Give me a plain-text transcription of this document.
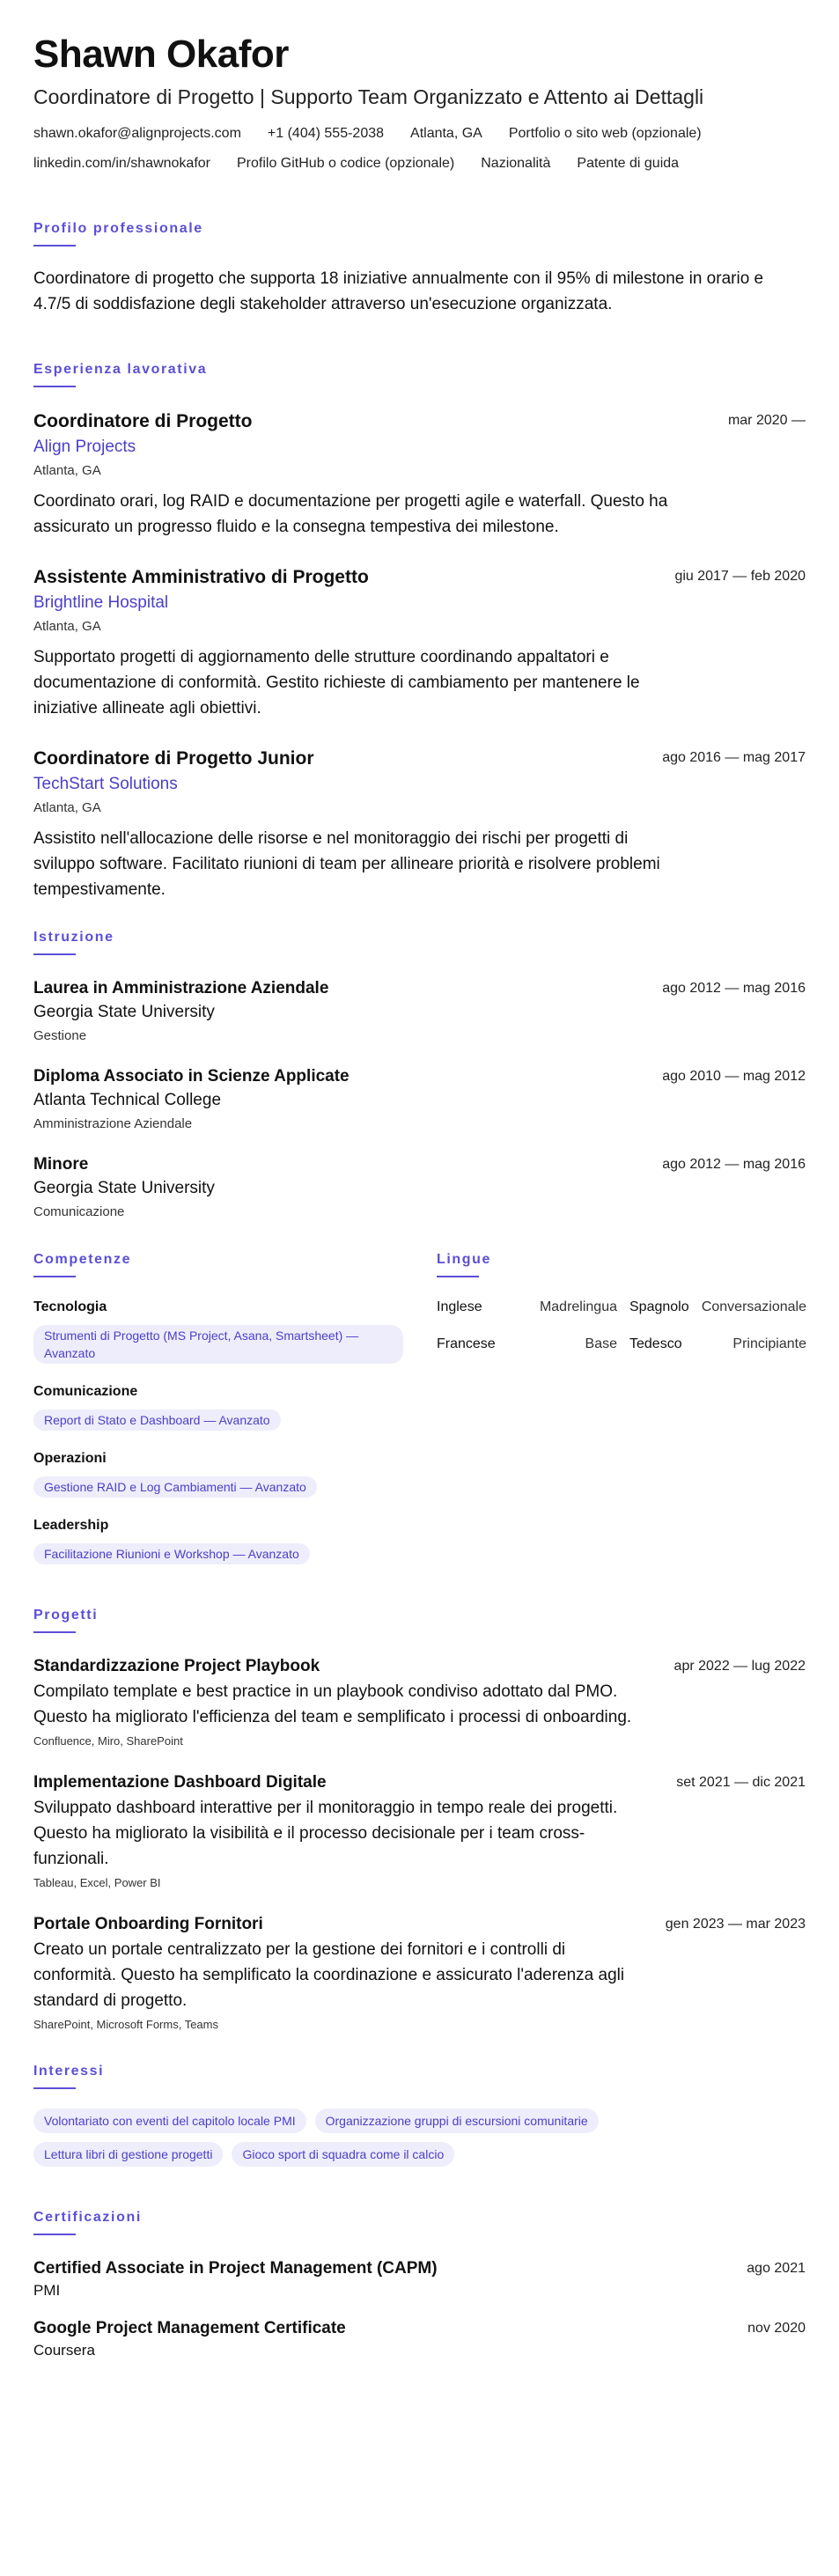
Shawn Okafor
Coordinatore di Progetto | Supporto Team Organizzato e Attento ai Dettagli
shawn.okafor@alignprojects.com +1 (404) 555-2038 Atlanta, GA Portfolio o sito web (opzionale)
linkedin.com/in/shawnokafor Profilo GitHub o codice (opzionale) Nazionalità Patente di guida
Profilo professionale
Coordinatore di progetto che supporta 18 iniziative annualmente con il 95% di milestone in orario e 4.7/5 di soddisfazione degli stakeholder attraverso un'esecuzione organizzata.
Esperienza lavorativa
Coordinatore di Progetto	mar 2020 —
Align Projects
Atlanta, GA
Coordinato orari, log RAID e documentazione per progetti agile e waterfall. Questo ha assicurato un progresso fluido e la consegna tempestiva dei milestone.
Assistente Amministrativo di Progetto	giu 2017 — feb 2020
Brightline Hospital
Atlanta, GA
Supportato progetti di aggiornamento delle strutture coordinando appaltatori e documentazione di conformità. Gestito richieste di cambiamento per mantenere le iniziative allineate agli obiettivi.
Coordinatore di Progetto Junior	ago 2016 — mag 2017
TechStart Solutions
Atlanta, GA
Assistito nell'allocazione delle risorse e nel monitoraggio dei rischi per progetti di sviluppo software. Facilitato riunioni di team per allineare priorità e risolvere problemi tempestivamente.
Istruzione
Laurea in Amministrazione Aziendale	ago 2012 — mag 2016
Georgia State University
Gestione
Diploma Associato in Scienze Applicate	ago 2010 — mag 2012
Atlanta Technical College
Amministrazione Aziendale
Minore	ago 2012 — mag 2016
Georgia State University
Comunicazione
Competenze
Tecnologia
Strumenti di Progetto (MS Project, Asana, Smartsheet) — Avanzato
Comunicazione
Report di Stato e Dashboard — Avanzato
Operazioni
Gestione RAID e Log Cambiamenti — Avanzato
Leadership
Facilitazione Riunioni e Workshop — Avanzato
Lingue
Inglese	Madrelingua Spagnolo Conversazionale
Francese	Base Tedesco	Principiante
Progetti
Standardizzazione Project Playbook	apr 2022 — lug 2022
Compilato template e best practice in un playbook condiviso adottato dal PMO. Questo ha migliorato l'efficienza del team e semplificato i processi di onboarding.
Confluence, Miro, SharePoint
Implementazione Dashboard Digitale	set 2021 — dic 2021
Sviluppato dashboard interattive per il monitoraggio in tempo reale dei progetti. Questo ha migliorato la visibilità e il processo decisionale per i team cross-funzionali.
Tableau, Excel, Power BI
Portale Onboarding Fornitori	gen 2023 — mar 2023
Creato un portale centralizzato per la gestione dei fornitori e i controlli di conformità. Questo ha semplificato la coordinazione e assicurato l'aderenza agli standard di progetto.
SharePoint, Microsoft Forms, Teams
Interessi
Volontariato con eventi del capitolo locale PMI	Organizzazione gruppi di escursioni comunitarie
Lettura libri di gestione progetti	Gioco sport di squadra come il calcio
Certificazioni
Certified Associate in Project Management (CAPM)	ago 2021
PMI
Google Project Management Certificate	nov 2020
Coursera
